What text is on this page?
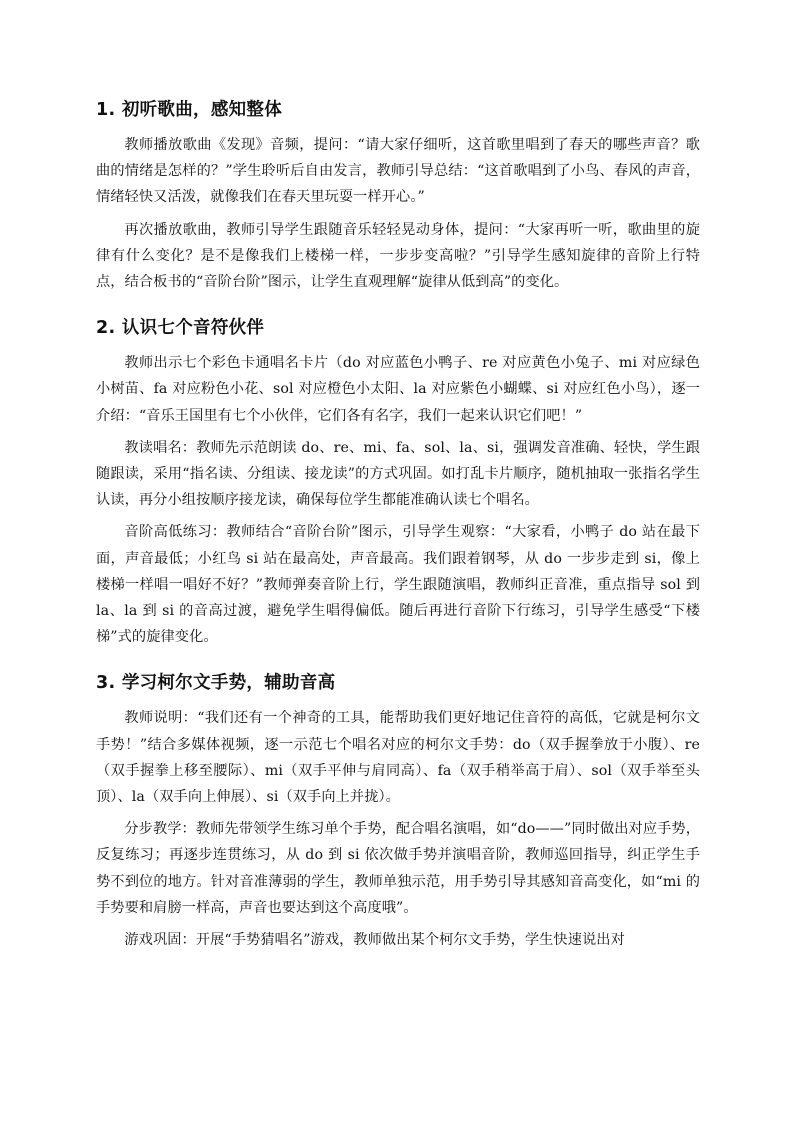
1. 初听歌曲，感知整体

教师播放歌曲《发现》音频，提问：“请大家仔细听，这首歌里唱到了春天的哪些声音？歌曲的情绪是怎样的？”学生聆听后自由发言，教师引导总结：“这首歌唱到了小鸟、春风的声音，情绪轻快又活泼，就像我们在春天里玩耍一样开心。”

再次播放歌曲，教师引导学生跟随音乐轻轻晃动身体，提问：“大家再听一听，歌曲里的旋律有什么变化？是不是像我们上楼梯一样，一步步变高啦？”引导学生感知旋律的音阶上行特点，结合板书的“音阶台阶”图示，让学生直观理解“旋律从低到高”的变化。

2. 认识七个音符伙伴

教师出示七个彩色卡通唱名卡片（do 对应蓝色小鸭子、re 对应黄色小兔子、mi 对应绿色小树苗、fa 对应粉色小花、sol 对应橙色小太阳、la 对应紫色小蝴蝶、si 对应红色小鸟），逐一介绍：“音乐王国里有七个小伙伴，它们各有名字，我们一起来认识它们吧！”

教读唱名：教师先示范朗读 do、re、mi、fa、sol、la、si，强调发音准确、轻快，学生跟随跟读，采用“指名读、分组读、接龙读”的方式巩固。如打乱卡片顺序，随机抽取一张指名学生认读，再分小组按顺序接龙读，确保每位学生都能准确认读七个唱名。

音阶高低练习：教师结合“音阶台阶”图示，引导学生观察：“大家看，小鸭子 do 站在最下面，声音最低；小红鸟 si 站在最高处，声音最高。我们跟着钢琴，从 do 一步步走到 si，像上楼梯一样唱一唱好不好？”教师弹奏音阶上行，学生跟随演唱，教师纠正音准，重点指导 sol 到 la、la 到 si 的音高过渡，避免学生唱得偏低。随后再进行音阶下行练习，引导学生感受“下楼梯”式的旋律变化。

3. 学习柯尔文手势，辅助音高

教师说明：“我们还有一个神奇的工具，能帮助我们更好地记住音符的高低，它就是柯尔文手势！”结合多媒体视频，逐一示范七个唱名对应的柯尔文手势：do（双手握拳放于小腹）、re（双手握拳上移至腰际）、mi（双手平伸与肩同高）、fa（双手稍举高于肩）、sol（双手举至头顶）、la（双手向上伸展）、si（双手向上并拢）。

分步教学：教师先带领学生练习单个手势，配合唱名演唱，如“do——”同时做出对应手势，反复练习；再逐步连贯练习，从 do 到 si 依次做手势并演唱音阶，教师巡回指导，纠正学生手势不到位的地方。针对音准薄弱的学生，教师单独示范，用手势引导其感知音高变化，如“mi 的手势要和肩膀一样高，声音也要达到这个高度哦”。

游戏巩固：开展“手势猜唱名”游戏，教师做出某个柯尔文手势，学生快速说出对
